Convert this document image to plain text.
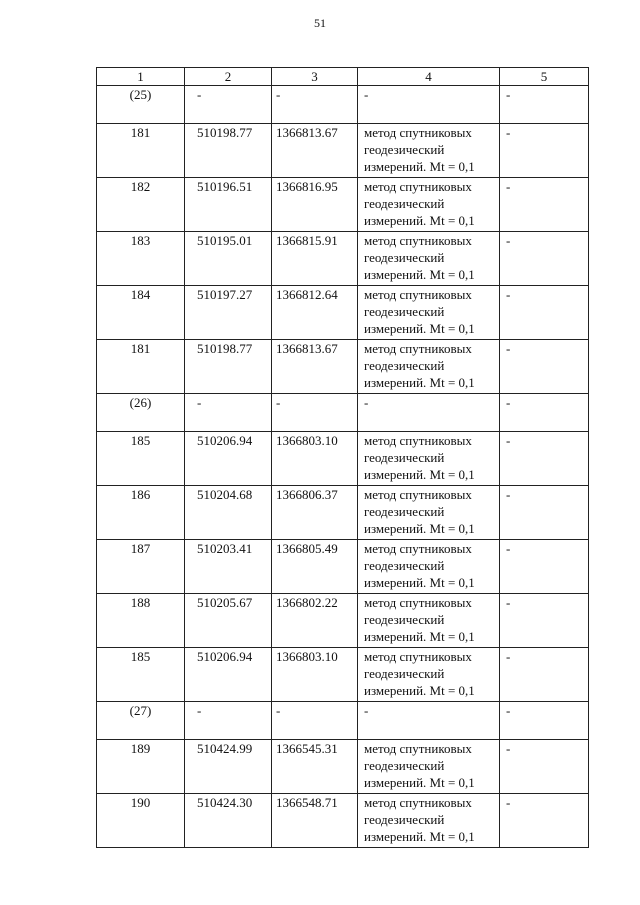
51
1	2	3	4	5
(25)	-	-	-	-
181	510198.77	1366813.67	метод спутниковых геодезический измерений. Mt = 0,1	-
182	510196.51	1366816.95	метод спутниковых геодезический измерений. Mt = 0,1	-
183	510195.01	1366815.91	метод спутниковых геодезический измерений. Mt = 0,1	-
184	510197.27	1366812.64	метод спутниковых геодезический измерений. Mt = 0,1	-
181	510198.77	1366813.67	метод спутниковых геодезический измерений. Mt = 0,1	-
(26)	-	-	-	-
185	510206.94	1366803.10	метод спутниковых геодезический измерений. Mt = 0,1	-
186	510204.68	1366806.37	метод спутниковых геодезический измерений. Mt = 0,1	-
187	510203.41	1366805.49	метод спутниковых геодезический измерений. Mt = 0,1	-
188	510205.67	1366802.22	метод спутниковых геодезический измерений. Mt = 0,1	-
185	510206.94	1366803.10	метод спутниковых геодезический измерений. Mt = 0,1	-
(27)	-	-	-	-
189	510424.99	1366545.31	метод спутниковых геодезический измерений. Mt = 0,1	-
190	510424.30	1366548.71	метод спутниковых геодезический измерений. Mt = 0,1	-
